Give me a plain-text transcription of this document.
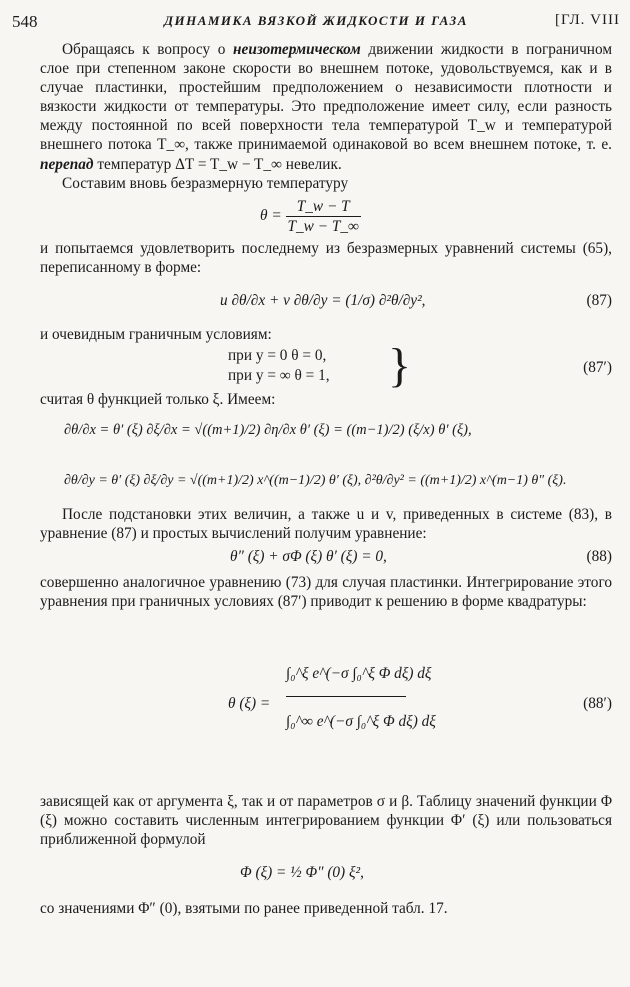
548	ДИНАМИКА ВЯЗКОЙ ЖИДКОСТИ И ГАЗА	[ГЛ. VIII

Обращаясь к вопросу о неизотермическом движении жидкости в пограничном слое при степенном законе скорости во внешнем потоке, удовольствуемся, как и в случае пластинки, простейшим предположением о независимости плотности и вязкости жидкости от температуры. Это предположение имеет силу, если разность между постоянной по всей поверхности тела температурой T_w и температурой внешнего потока T_∞, также принимаемой одинаковой во всем внешнем потоке, т. е. перепад температур ΔT = T_w − T_∞ невелик.

Составим вновь безразмерную температуру

$\theta = \frac{T\_w - T}{T\_w - T\_\infty}$

и попытаемся удовлетворить последнему из безразмерных уравнений системы (65), переписанному в форме:

u ∂θ/∂x + v ∂θ/∂y = (1/σ) ∂²θ/∂y²,	(87)

и очевидным граничным условиям:

при y = 0 θ = 0,
при y = ∞ θ = 1, }	(87′)

считая θ функцией только ξ. Имеем:

∂θ/∂x = θ′ (ξ) ∂ξ/∂x = √((m+1)/2) ∂η/∂x θ′ (ξ) = ((m−1)/2) (ξ/x) θ′ (ξ),
∂θ/∂y = θ′ (ξ) ∂ξ/∂y = √((m+1)/2) x^((m−1)/2) θ′ (ξ), ∂²θ/∂y² = ((m+1)/2) x^(m−1) θ″ (ξ).

После подстановки этих величин, а также u и v, приведенных в системе (83), в уравнение (87) и простых вычислений получим уравнение:

θ″ (ξ) + σΦ (ξ) θ′ (ξ) = 0,	(88)

совершенно аналогичное уравнению (73) для случая пластинки. Интегрирование этого уравнения при граничных условиях (87′) приводит к решению в форме квадратуры:

θ (ξ) =
∫₀^ξ e^(−σ ∫₀^ξ Φ dξ) dξ
∫₀^∞ e^(−σ ∫₀^ξ Φ dξ) dξ
(88′)

зависящей как от аргумента ξ, так и от параметров σ и β. Таблицу значений функции Φ (ξ) можно составить численным интегрированием функции Φ′ (ξ) или пользоваться приближенной формулой

Φ (ξ) = ½ Φ″ (0) ξ²,

со значениями Φ″ (0), взятыми по ранее приведенной табл. 17.
